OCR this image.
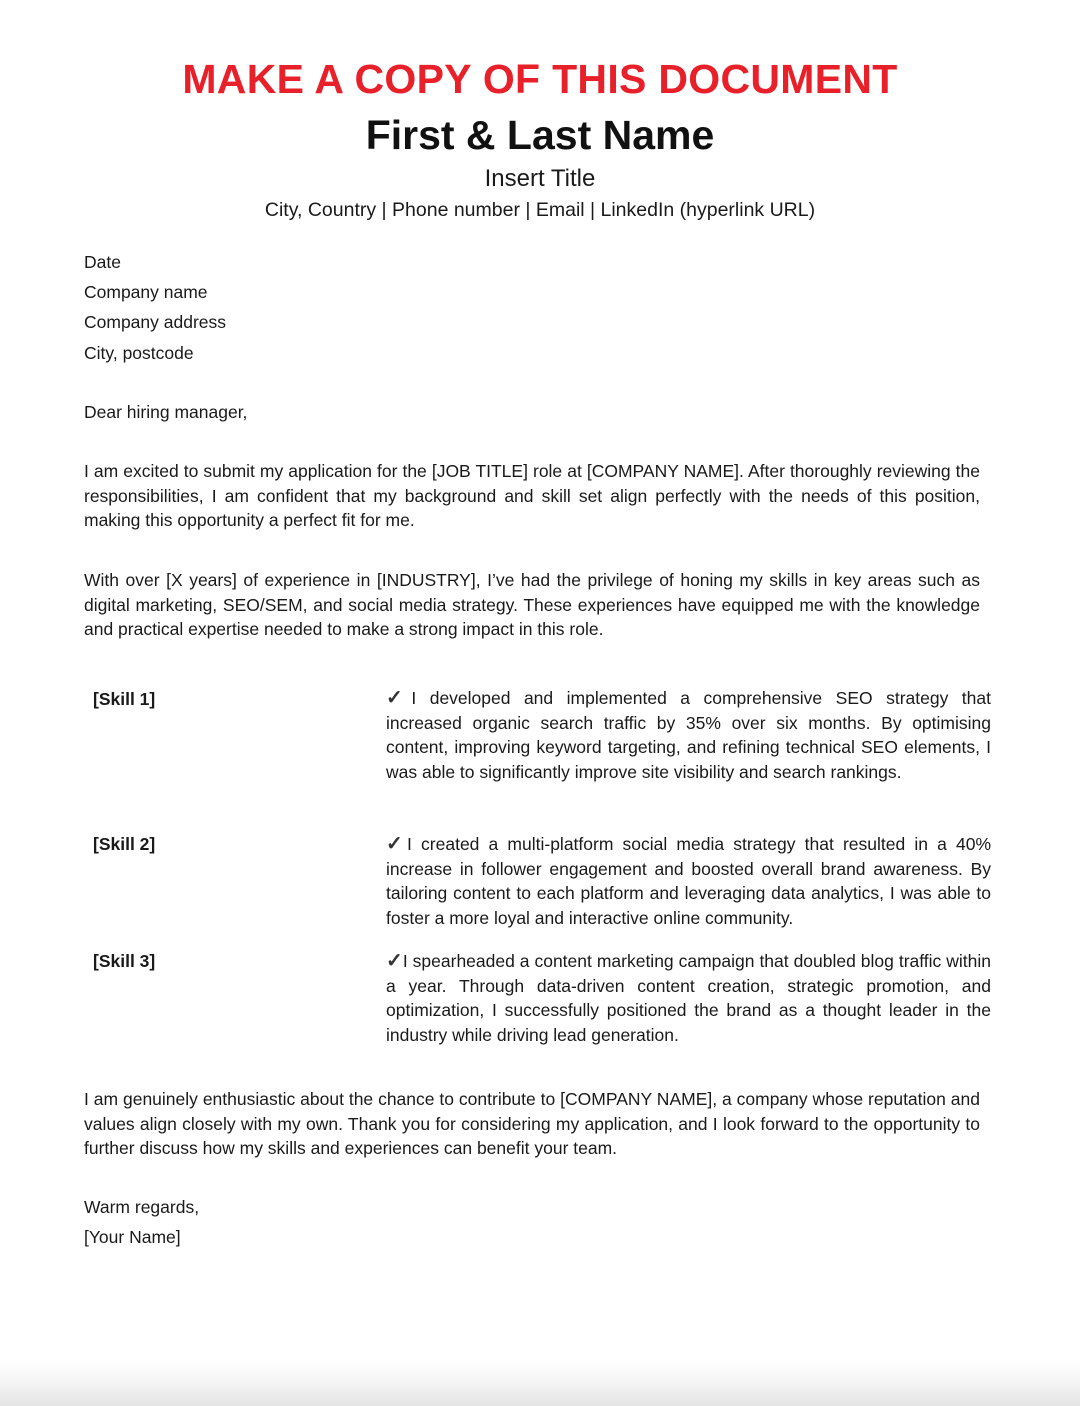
MAKE A COPY OF THIS DOCUMENT
First & Last Name
Insert Title
City, Country | Phone number | Email | LinkedIn (hyperlink URL)
Date
Company name
Company address
City, postcode
Dear hiring manager,
I am excited to submit my application for the [JOB TITLE] role at [COMPANY NAME]. After thoroughly reviewing the responsibilities, I am confident that my background and skill set align perfectly with the needs of this position, making this opportunity a perfect fit for me.
With over [X years] of experience in [INDUSTRY], I’ve had the privilege of honing my skills in key areas such as digital marketing, SEO/SEM, and social media strategy. These experiences have equipped me with the knowledge and practical expertise needed to make a strong impact in this role.
[Skill 1]	✓I developed and implemented a comprehensive SEO strategy that increased organic search traffic by 35% over six months. By optimising content, improving keyword targeting, and refining technical SEO elements, I was able to significantly improve site visibility and search rankings.
[Skill 2]	✓I created a multi-platform social media strategy that resulted in a 40% increase in follower engagement and boosted overall brand awareness. By tailoring content to each platform and leveraging data analytics, I was able to foster a more loyal and interactive online community.
[Skill 3]	✓I spearheaded a content marketing campaign that doubled blog traffic within a year. Through data-driven content creation, strategic promotion, and optimization, I successfully positioned the brand as a thought leader in the industry while driving lead generation.
I am genuinely enthusiastic about the chance to contribute to [COMPANY NAME], a company whose reputation and values align closely with my own. Thank you for considering my application, and I look forward to the opportunity to further discuss how my skills and experiences can benefit your team.
Warm regards,
[Your Name]
